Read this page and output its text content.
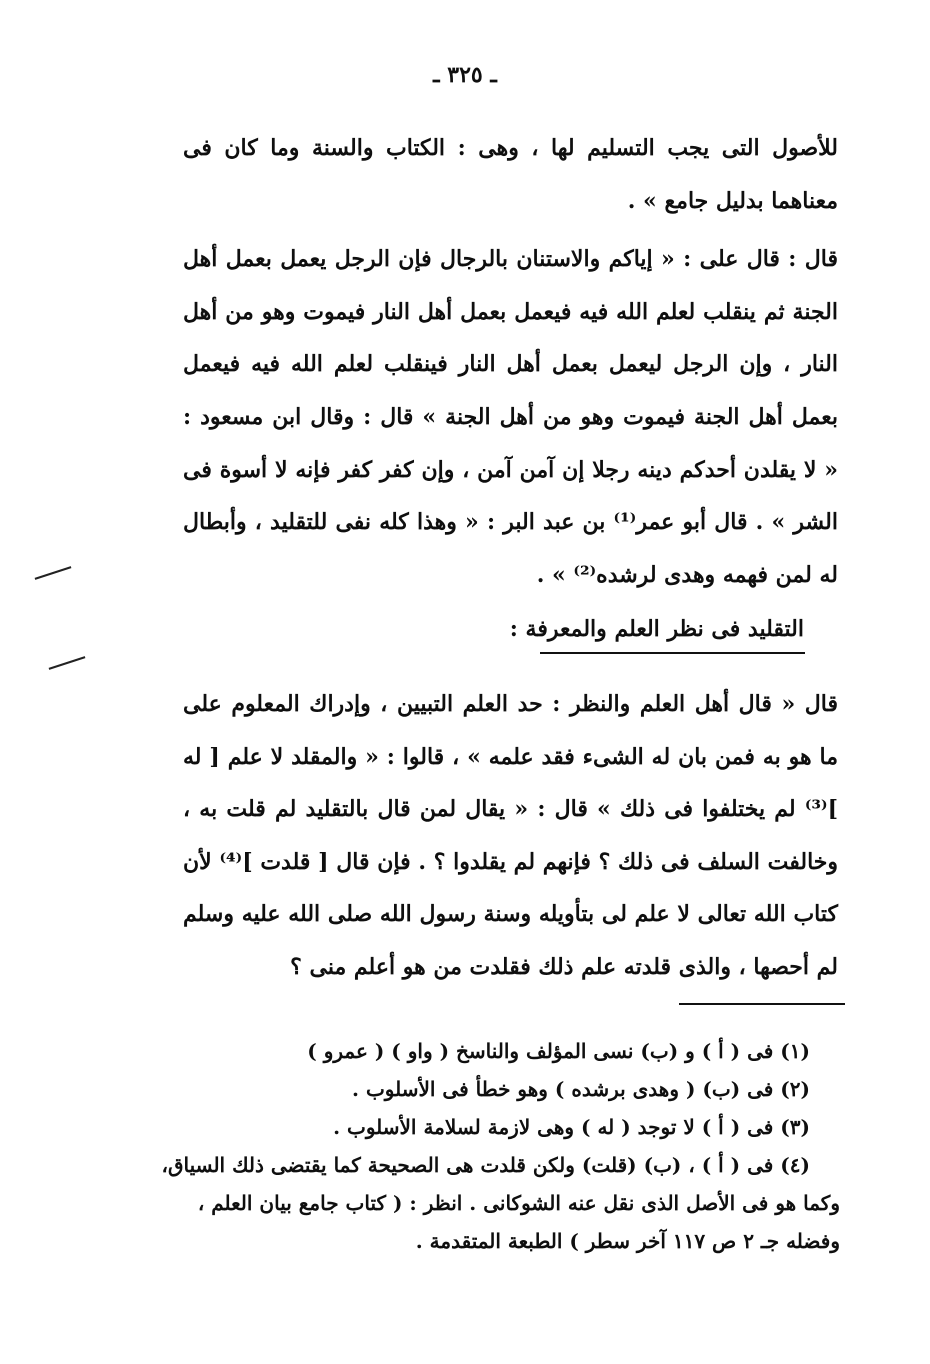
ـ ٣٢٥ ـ

للأصول التى يجب التسليم لها ، وهى : الكتاب والسنة وما كان فى معناهما بدليل جامع » .

قال : قال على : « إياكم والاستنان بالرجال فإن الرجل يعمل بعمل أهل الجنة ثم ينقلب لعلم الله فيه فيعمل بعمل أهل النار فيموت وهو من أهل النار ، وإن الرجل ليعمل بعمل أهل النار فينقلب لعلم الله فيه فيعمل بعمل أهل الجنة فيموت وهو من أهل الجنة » قال : وقال ابن مسعود : « لا يقلدن أحدكم دينه رجلا إن آمن آمن ، وإن كفر كفر فإنه لا أسوة فى الشر » . قال أبو عمر⁽¹⁾ بن عبد البر : « وهذا كله نفى للتقليد ، وأبطال له لمن فهمه وهدى لرشده⁽²⁾ » .

التقليد فى نظر العلم والمعرفة :

قال « قال أهل العلم والنظر : حد العلم التبيين ، وإدراك المعلوم على ما هو به فمن بان له الشىء فقد علمه » ، قالوا : « والمقلد لا علم [ له ]⁽³⁾ لم يختلفوا فى ذلك » قال : « يقال لمن قال بالتقليد لم قلت به ، وخالفت السلف فى ذلك ؟ فإنهم لم يقلدوا ؟ . فإن قال [ قلدت ]⁽⁴⁾ لأن كتاب الله تعالى لا علم لى بتأويله وسنة رسول الله صلى الله عليه وسلم لم أحصها ، والذى قلدته علم ذلك فقلدت من هو أعلم منى ؟

(١) فى ( أ ) و (ب) نسى المؤلف والناسخ ( واو ) ( عمرو )
(٢) فى (ب) ( وهدى برشده ) وهو خطأ فى الأسلوب .
(٣) فى ( أ ) لا توجد ( له ) وهى لازمة لسلامة الأسلوب .
(٤) فى ( أ ) ، (ب) (قلت) ولكن قلدت هى الصحيحة كما يقتضى ذلك السياق،
وكما هو فى الأصل الذى نقل عنه الشوكانى . انظر : ( كتاب جامع بيان العلم ،
وفضله جـ ٢ ص ١١٧ آخر سطر ) الطبعة المتقدمة .
